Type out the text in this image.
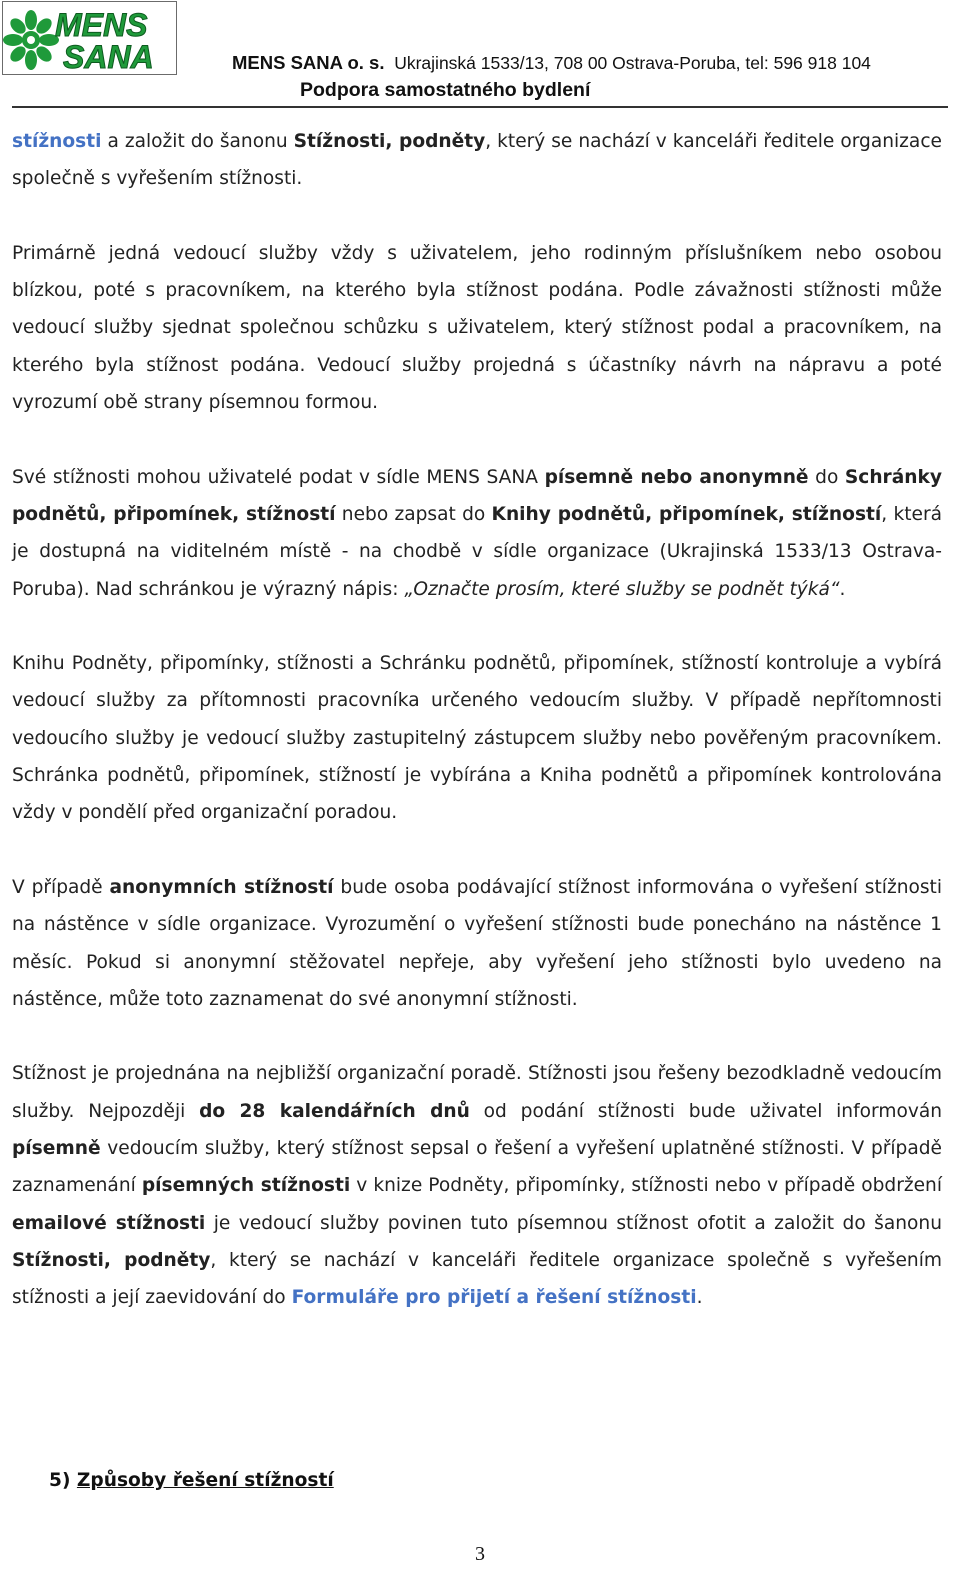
MENS
SANA	MENS SANA o. s. Ukrajinská 1533/13, 708 00 Ostrava-Poruba, tel: 596 918 104
Podpora samostatného bydlení

stížnosti a založit do šanonu Stížnosti, podněty, který se nachází v kanceláři ředitele organizace společně s vyřešením stížnosti.

Primárně jedná vedoucí služby vždy s uživatelem, jeho rodinným příslušníkem nebo osobou blízkou, poté s pracovníkem, na kterého byla stížnost podána. Podle závažnosti stížnosti může vedoucí služby sjednat společnou schůzku s uživatelem, který stížnost podal a pracovníkem, na kterého byla stížnost podána. Vedoucí služby projedná s účastníky návrh na nápravu a poté vyrozumí obě strany písemnou formou.

Své stížnosti mohou uživatelé podat v sídle MENS SANA písemně nebo anonymně do Schránky podnětů, připomínek, stížností nebo zapsat do Knihy podnětů, připomínek, stížností, která je dostupná na viditelném místě - na chodbě v sídle organizace (Ukrajinská 1533/13 Ostrava-Poruba). Nad schránkou je výrazný nápis: „Označte prosím, které služby se podnět týká“.

Knihu Podněty, připomínky, stížnosti a Schránku podnětů, připomínek, stížností kontroluje a vybírá vedoucí služby za přítomnosti pracovníka určeného vedoucím služby. V případě nepřítomnosti vedoucího služby je vedoucí služby zastupitelný zástupcem služby nebo pověřeným pracovníkem. Schránka podnětů, připomínek, stížností je vybírána a Kniha podnětů a připomínek kontrolována vždy v pondělí před organizační poradou.

V případě anonymních stížností bude osoba podávající stížnost informována o vyřešení stížnosti na nástěnce v sídle organizace. Vyrozumění o vyřešení stížnosti bude ponecháno na nástěnce 1 měsíc. Pokud si anonymní stěžovatel nepřeje, aby vyřešení jeho stížnosti bylo uvedeno na nástěnce, může toto zaznamenat do své anonymní stížnosti.

Stížnost je projednána na nejbližší organizační poradě. Stížnosti jsou řešeny bezodkladně vedoucím služby. Nejpozději do 28 kalendářních dnů od podání stížnosti bude uživatel informován písemně vedoucím služby, který stížnost sepsal o řešení a vyřešení uplatněné stížnosti. V případě zaznamenání písemných stížnosti v knize Podněty, připomínky, stížnosti nebo v případě obdržení emailové stížnosti je vedoucí služby povinen tuto písemnou stížnost ofotit a založit do šanonu Stížnosti, podněty, který se nachází v kanceláři ředitele organizace společně s vyřešením stížnosti a její zaevidování do Formuláře pro přijetí a řešení stížnosti.

5) Způsoby řešení stížností
3
